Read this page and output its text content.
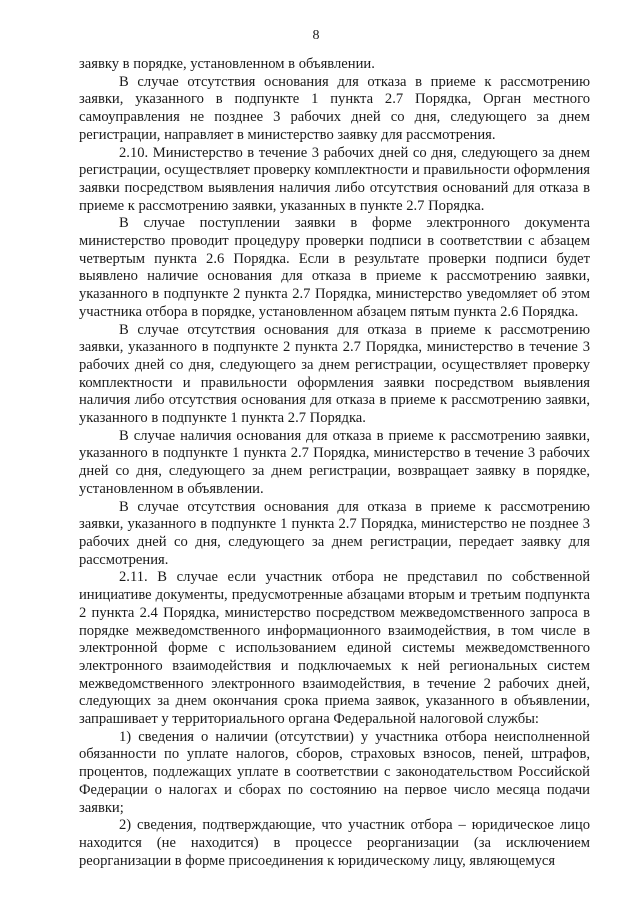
8

заявку в порядке, установленном в объявлении.

В случае отсутствия основания для отказа в приеме к рассмотрению заявки, указанного в подпункте 1 пункта 2.7 Порядка, Орган местного самоуправления не позднее 3 рабочих дней со дня, следующего за днем регистрации, направляет в министерство заявку для рассмотрения.

2.10. Министерство в течение 3 рабочих дней со дня, следующего за днем регистрации, осуществляет проверку комплектности и правильности оформления заявки посредством выявления наличия либо отсутствия оснований для отказа в приеме к рассмотрению заявки, указанных в пункте 2.7 Порядка.

В случае поступлении заявки в форме электронного документа министерство проводит процедуру проверки подписи в соответствии с абзацем четвертым пункта 2.6 Порядка. Если в результате проверки подписи будет выявлено наличие основания для отказа в приеме к рассмотрению заявки, указанного в подпункте 2 пункта 2.7 Порядка, министерство уведомляет об этом участника отбора в порядке, установленном абзацем пятым пункта 2.6 Порядка.

В случае отсутствия основания для отказа в приеме к рассмотрению заявки, указанного в подпункте 2 пункта 2.7 Порядка, министерство в течение 3 рабочих дней со дня, следующего за днем регистрации, осуществляет проверку комплектности и правильности оформления заявки посредством выявления наличия либо отсутствия основания для отказа в приеме к рассмотрению заявки, указанного в подпункте 1 пункта 2.7 Порядка.

В случае наличия основания для отказа в приеме к рассмотрению заявки, указанного в подпункте 1 пункта 2.7 Порядка, министерство в течение 3 рабочих дней со дня, следующего за днем регистрации, возвращает заявку в порядке, установленном в объявлении.

В случае отсутствия основания для отказа в приеме к рассмотрению заявки, указанного в подпункте 1 пункта 2.7 Порядка, министерство не позднее 3 рабочих дней со дня, следующего за днем регистрации, передает заявку для рассмотрения.

2.11. В случае если участник отбора не представил по собственной инициативе документы, предусмотренные абзацами вторым и третьим подпункта 2 пункта 2.4 Порядка, министерство посредством межведомственного запроса в порядке межведомственного информационного взаимодействия, в том числе в электронной форме с использованием единой системы межведомственного электронного взаимодействия и подключаемых к ней региональных систем межведомственного электронного взаимодействия, в течение 2 рабочих дней, следующих за днем окончания срока приема заявок, указанного в объявлении, запрашивает у территориального органа Федеральной налоговой службы:

1) сведения о наличии (отсутствии) у участника отбора неисполненной обязанности по уплате налогов, сборов, страховых взносов, пеней, штрафов, процентов, подлежащих уплате в соответствии с законодательством Российской Федерации о налогах и сборах по состоянию на первое число месяца подачи заявки;

2) сведения, подтверждающие, что участник отбора – юридическое лицо находится (не находится) в процессе реорганизации (за исключением реорганизации в форме присоединения к юридическому лицу, являющемуся
